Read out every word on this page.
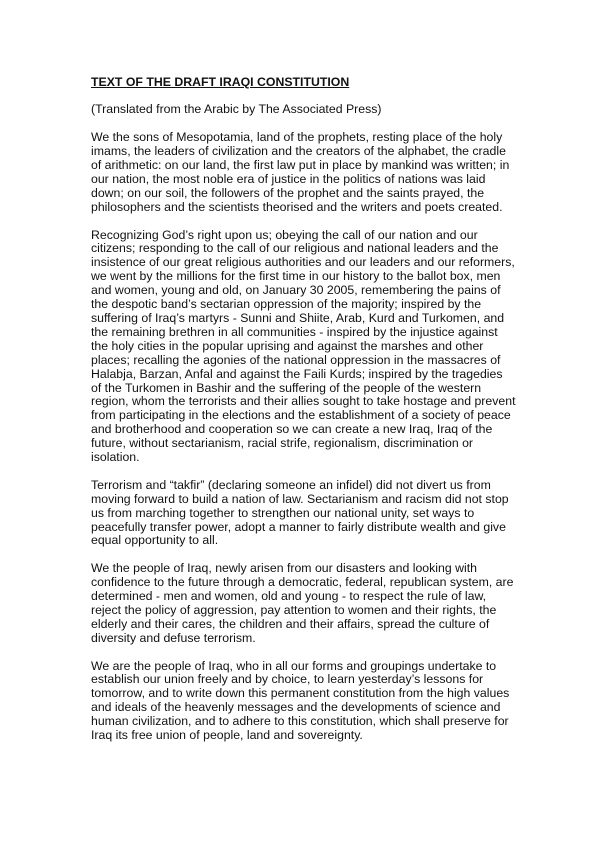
TEXT OF THE DRAFT IRAQI CONSTITUTION

(Translated from the Arabic by The Associated Press)

We the sons of Mesopotamia, land of the prophets, resting place of the holy
imams, the leaders of civilization and the creators of the alphabet, the cradle
of arithmetic: on our land, the first law put in place by mankind was written; in
our nation, the most noble era of justice in the politics of nations was laid
down; on our soil, the followers of the prophet and the saints prayed, the
philosophers and the scientists theorised and the writers and poets created.

Recognizing God’s right upon us; obeying the call of our nation and our
citizens; responding to the call of our religious and national leaders and the
insistence of our great religious authorities and our leaders and our reformers,
we went by the millions for the first time in our history to the ballot box, men
and women, young and old, on January 30 2005, remembering the pains of
the despotic band’s sectarian oppression of the majority; inspired by the
suffering of Iraq’s martyrs - Sunni and Shiite, Arab, Kurd and Turkomen, and
the remaining brethren in all communities - inspired by the injustice against
the holy cities in the popular uprising and against the marshes and other
places; recalling the agonies of the national oppression in the massacres of
Halabja, Barzan, Anfal and against the Faili Kurds; inspired by the tragedies
of the Turkomen in Bashir and the suffering of the people of the western
region, whom the terrorists and their allies sought to take hostage and prevent
from participating in the elections and the establishment of a society of peace
and brotherhood and cooperation so we can create a new Iraq, Iraq of the
future, without sectarianism, racial strife, regionalism, discrimination or
isolation.

Terrorism and “takfir” (declaring someone an infidel) did not divert us from
moving forward to build a nation of law. Sectarianism and racism did not stop
us from marching together to strengthen our national unity, set ways to
peacefully transfer power, adopt a manner to fairly distribute wealth and give
equal opportunity to all.

We the people of Iraq, newly arisen from our disasters and looking with
confidence to the future through a democratic, federal, republican system, are
determined - men and women, old and young - to respect the rule of law,
reject the policy of aggression, pay attention to women and their rights, the
elderly and their cares, the children and their affairs, spread the culture of
diversity and defuse terrorism.

We are the people of Iraq, who in all our forms and groupings undertake to
establish our union freely and by choice, to learn yesterday’s lessons for
tomorrow, and to write down this permanent constitution from the high values
and ideals of the heavenly messages and the developments of science and
human civilization, and to adhere to this constitution, which shall preserve for
Iraq its free union of people, land and sovereignty.
